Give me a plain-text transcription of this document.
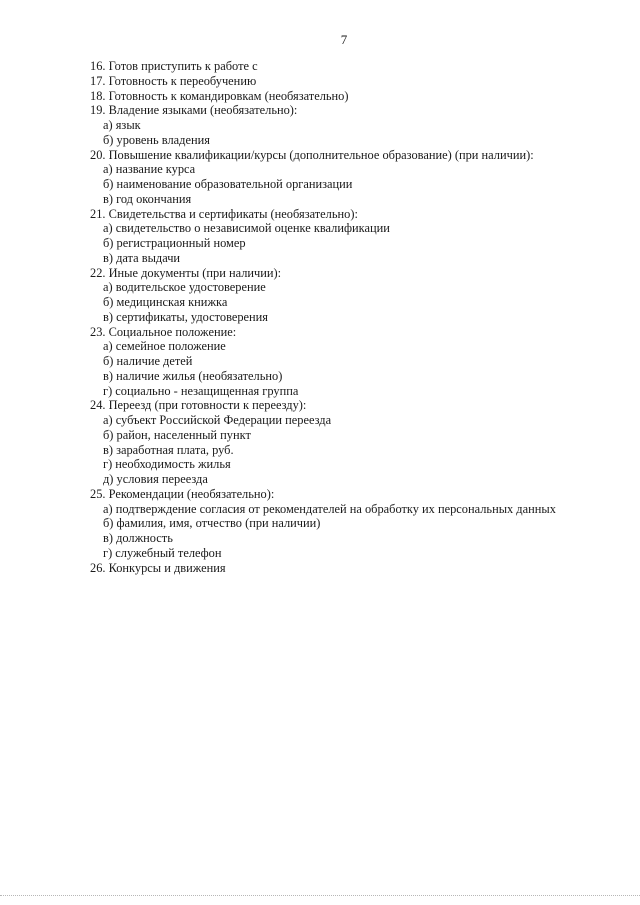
7
16. Готов приступить к работе с
17. Готовность к переобучению
18. Готовность к командировкам (необязательно)
19. Владение языками (необязательно):
а) язык
б) уровень владения
20. Повышение квалификации/курсы (дополнительное образование) (при наличии):
а) название курса
б) наименование образовательной организации
в) год окончания
21. Свидетельства и сертификаты (необязательно):
а) свидетельство о независимой оценке квалификации
б) регистрационный номер
в) дата выдачи
22. Иные документы (при наличии):
а) водительское удостоверение
б) медицинская книжка
в) сертификаты, удостоверения
23. Социальное положение:
а) семейное положение
б) наличие детей
в) наличие жилья (необязательно)
г) социально - незащищенная группа
24. Переезд (при готовности к переезду):
а) субъект Российской Федерации переезда
б) район, населенный пункт
в) заработная плата, руб.
г) необходимость жилья
д) условия переезда
25. Рекомендации (необязательно):
а) подтверждение согласия от рекомендателей на обработку их персональных данных
б) фамилия, имя, отчество (при наличии)
в) должность
г) служебный телефон
26. Конкурсы и движения
